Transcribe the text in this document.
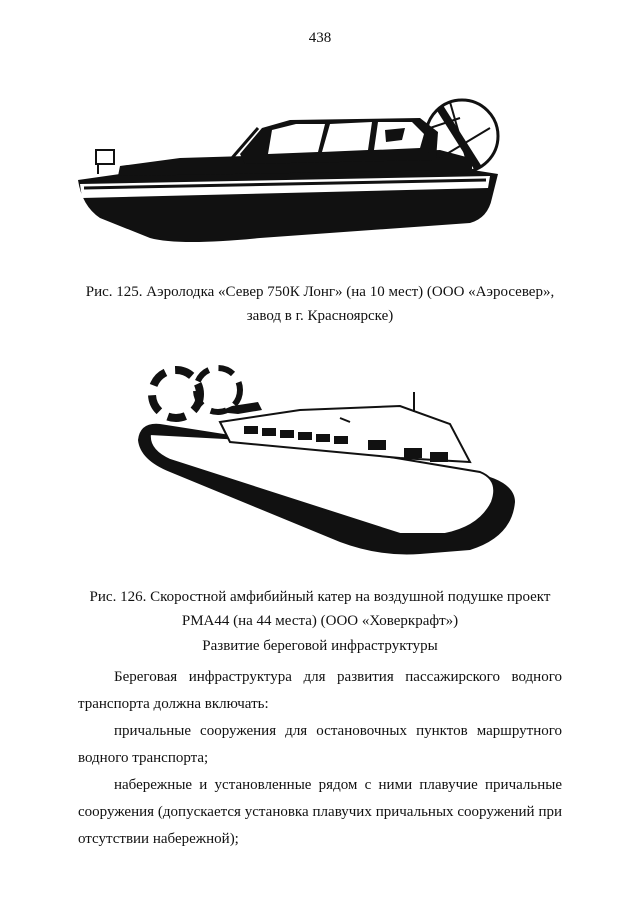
438
Рис. 125. Аэролодка «Север 750К Лонг» (на 10 мест) (ООО «Аэросевер»,
завод в г. Красноярске)
Рис. 126. Скоростной амфибийный катер на воздушной подушке проект
РМА44 (на 44 места) (ООО «Ховеркрафт»)
Развитие береговой инфраструктуры

Береговая инфраструктура для развития пассажирского водного транспорта должна включать:

причальные сооружения для остановочных пунктов маршрутного водного транспорта;

набережные и установленные рядом с ними плавучие причальные сооружения (допускается установка плавучих причальных сооружений при отсутствии набережной);
